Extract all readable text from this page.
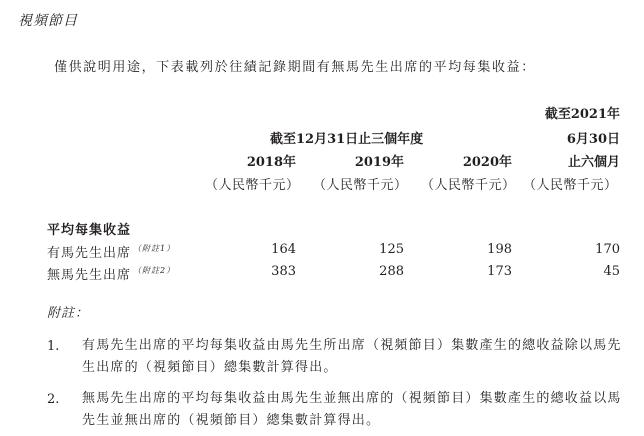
視頻節目
僅供說明用途，下表載列於往績記錄期間有無馬先生出席的平均每集收益：
截至2021年
截至12月31日止三個年度	6月30日
2018年	2019年	2020年	止六個月
（人民幣千元） （人民幣千元） （人民幣千元） （人民幣千元）
平均每集收益
有馬先生出席 $^{(附註1)}$	164	125	198	170
無馬先生出席 $^{(附註2)}$	383	288	173	45
附註：
1. 有馬先生出席的平均每集收益由馬先生所出席（視頻節目）集數產生的總收益除以馬先生出席的（視頻節目）總集數計算得出。
2. 無馬先生出席的平均每集收益由馬先生並無出席的（視頻節目）集數產生的總收益以馬先生並無出席的（視頻節目）總集數計算得出。
